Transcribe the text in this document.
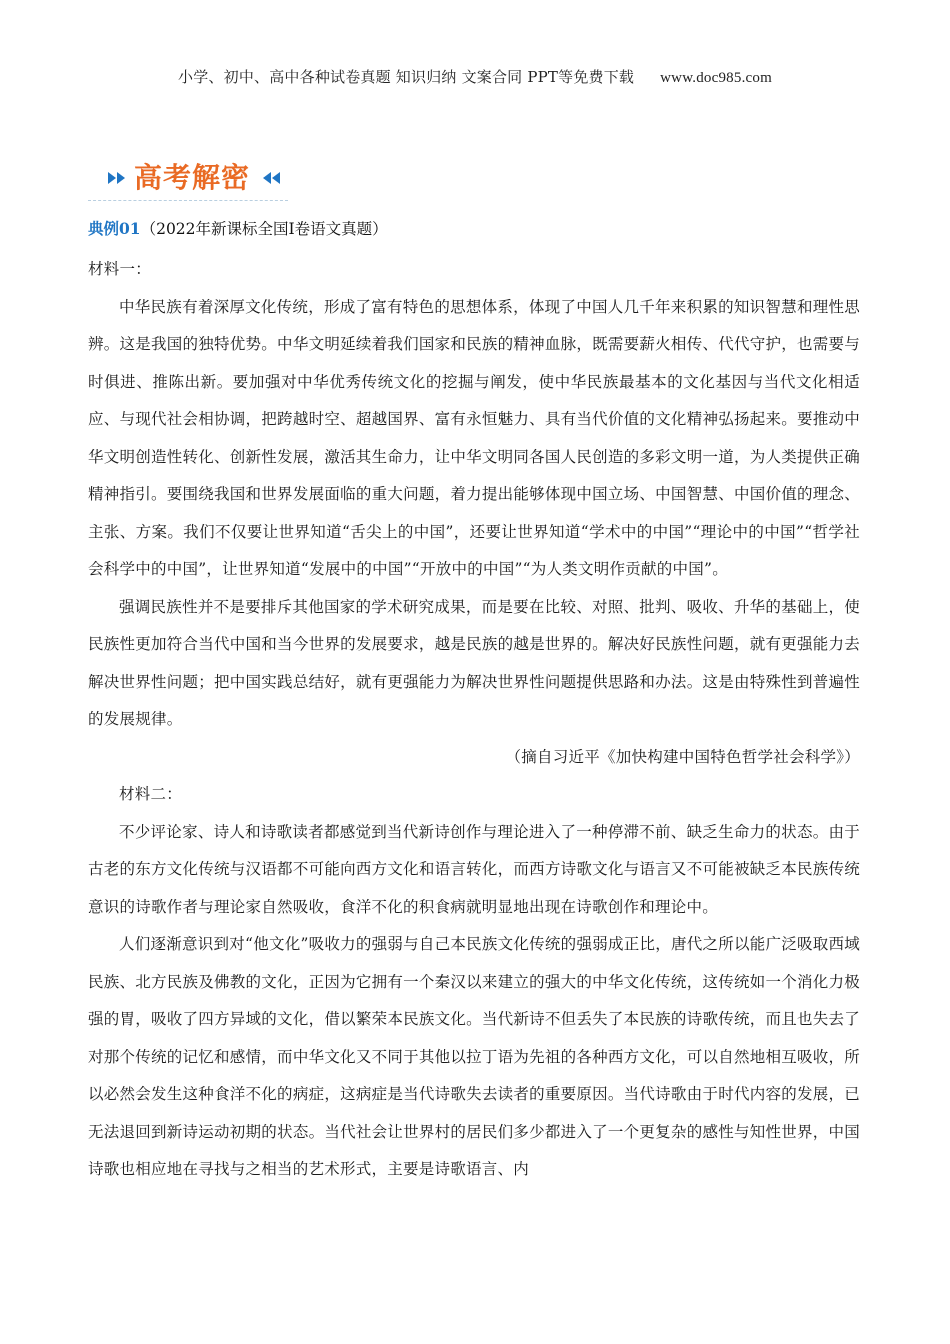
小学、初中、高中各种试卷真题 知识归纳 文案合同 PPT等免费下载 www.doc985.com
高考解密
典例01（2022年新课标全国Ⅰ卷语文真题）

材料一：

中华民族有着深厚文化传统，形成了富有特色的思想体系，体现了中国人几千年来积累的知识智慧和理性思辨。这是我国的独特优势。中华文明延续着我们国家和民族的精神血脉，既需要薪火相传、代代守护，也需要与时俱进、推陈出新。要加强对中华优秀传统文化的挖掘与阐发，使中华民族最基本的文化基因与当代文化相适应、与现代社会相协调，把跨越时空、超越国界、富有永恒魅力、具有当代价值的文化精神弘扬起来。要推动中华文明创造性转化、创新性发展，激活其生命力，让中华文明同各国人民创造的多彩文明一道，为人类提供正确精神指引。要围绕我国和世界发展面临的重大问题，着力提出能够体现中国立场、中国智慧、中国价值的理念、主张、方案。我们不仅要让世界知道“舌尖上的中国”，还要让世界知道“学术中的中国”“理论中的中国”“哲学社会科学中的中国”，让世界知道“发展中的中国”“开放中的中国”“为人类文明作贡献的中国”。

强调民族性并不是要排斥其他国家的学术研究成果，而是要在比较、对照、批判、吸收、升华的基础上，使民族性更加符合当代中国和当今世界的发展要求，越是民族的越是世界的。解决好民族性问题，就有更强能力去解决世界性问题；把中国实践总结好，就有更强能力为解决世界性问题提供思路和办法。这是由特殊性到普遍性的发展规律。

（摘自习近平《加快构建中国特色哲学社会科学》）

材料二：

不少评论家、诗人和诗歌读者都感觉到当代新诗创作与理论进入了一种停滞不前、缺乏生命力的状态。由于古老的东方文化传统与汉语都不可能向西方文化和语言转化，而西方诗歌文化与语言又不可能被缺乏本民族传统意识的诗歌作者与理论家自然吸收，食洋不化的积食病就明显地出现在诗歌创作和理论中。

人们逐渐意识到对“他文化”吸收力的强弱与自己本民族文化传统的强弱成正比，唐代之所以能广泛吸取西域民族、北方民族及佛教的文化，正因为它拥有一个秦汉以来建立的强大的中华文化传统，这传统如一个消化力极强的胃，吸收了四方异域的文化，借以繁荣本民族文化。当代新诗不但丢失了本民族的诗歌传统，而且也失去了对那个传统的记忆和感情，而中华文化又不同于其他以拉丁语为先祖的各种西方文化，可以自然地相互吸收，所以必然会发生这种食洋不化的病症，这病症是当代诗歌失去读者的重要原因。当代诗歌由于时代内容的发展，已无法退回到新诗运动初期的状态。当代社会让世界村的居民们多少都进入了一个更复杂的感性与知性世界，中国诗歌也相应地在寻找与之相当的艺术形式，主要是诗歌语言、内
